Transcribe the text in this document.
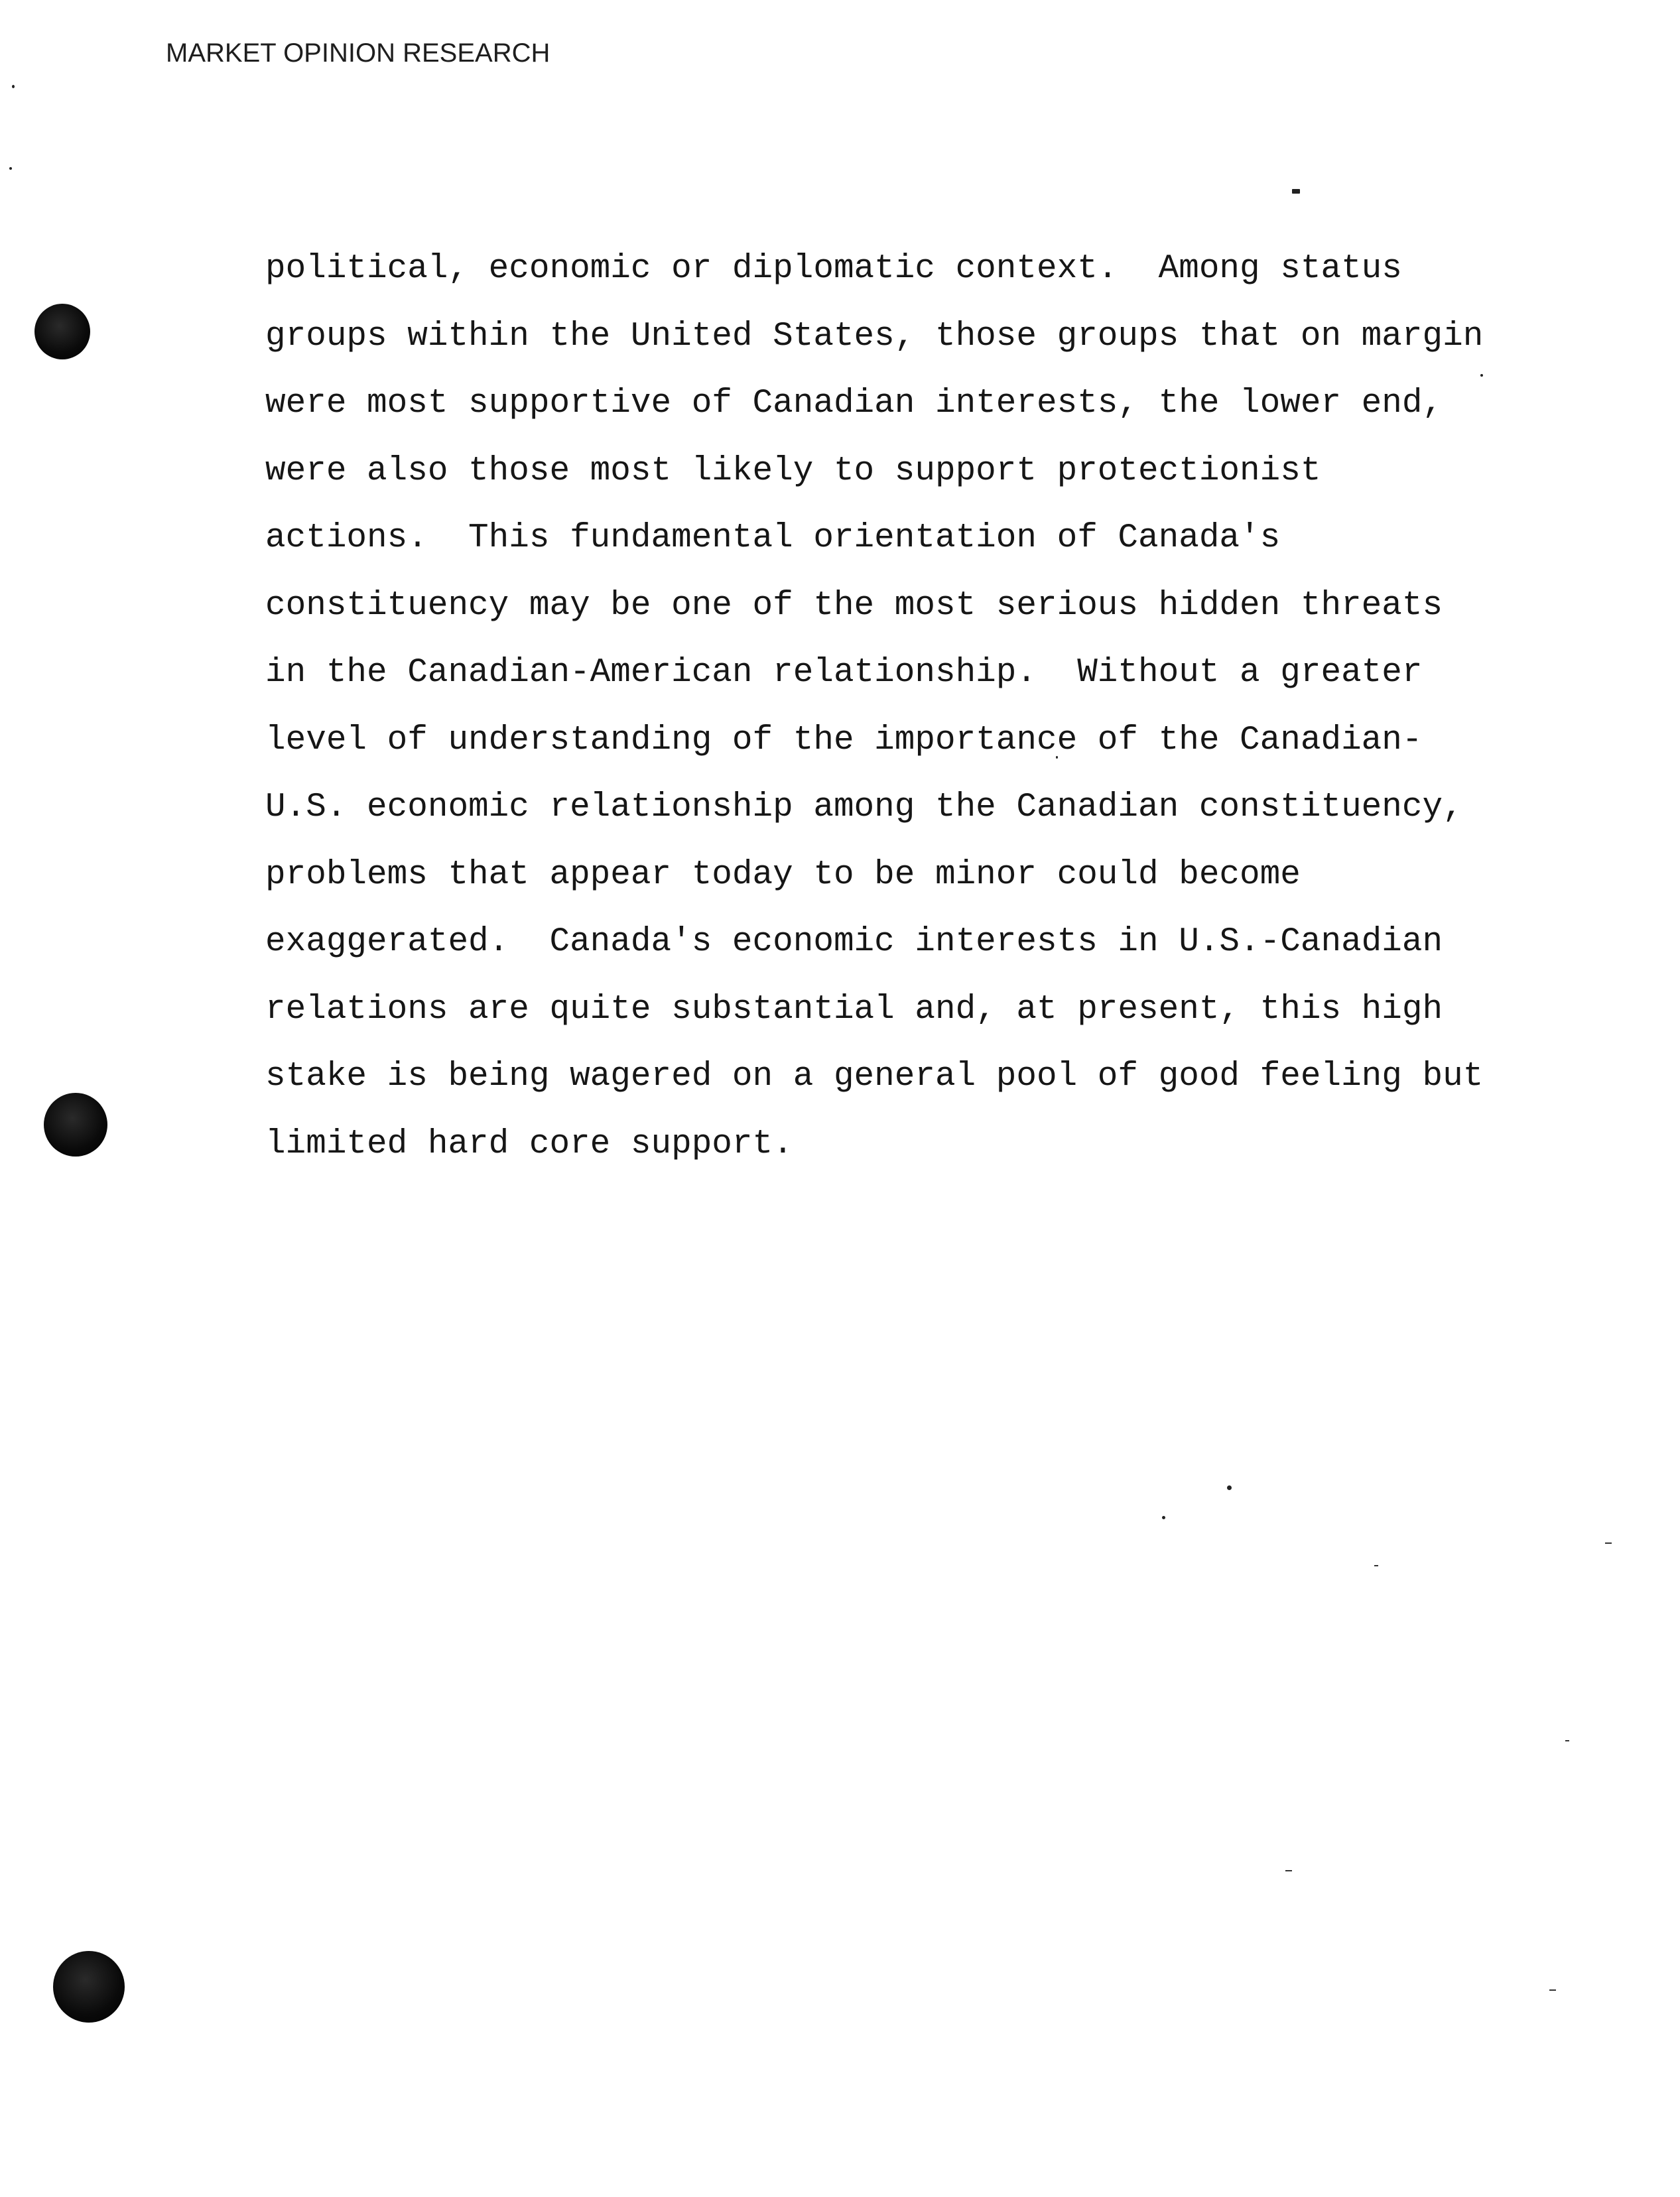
MARKET OPINION RESEARCH
political, economic or diplomatic context.  Among status
groups within the United States, those groups that on margin
were most supportive of Canadian interests, the lower end,
were also those most likely to support protectionist
actions.  This fundamental orientation of Canada's
constituency may be one of the most serious hidden threats
in the Canadian-American relationship.  Without a greater
level of understanding of the importance of the Canadian-
U.S. economic relationship among the Canadian constituency,
problems that appear today to be minor could become
exaggerated.  Canada's economic interests in U.S.-Canadian
relations are quite substantial and, at present, this high
stake is being wagered on a general pool of good feeling but
limited hard core support.
